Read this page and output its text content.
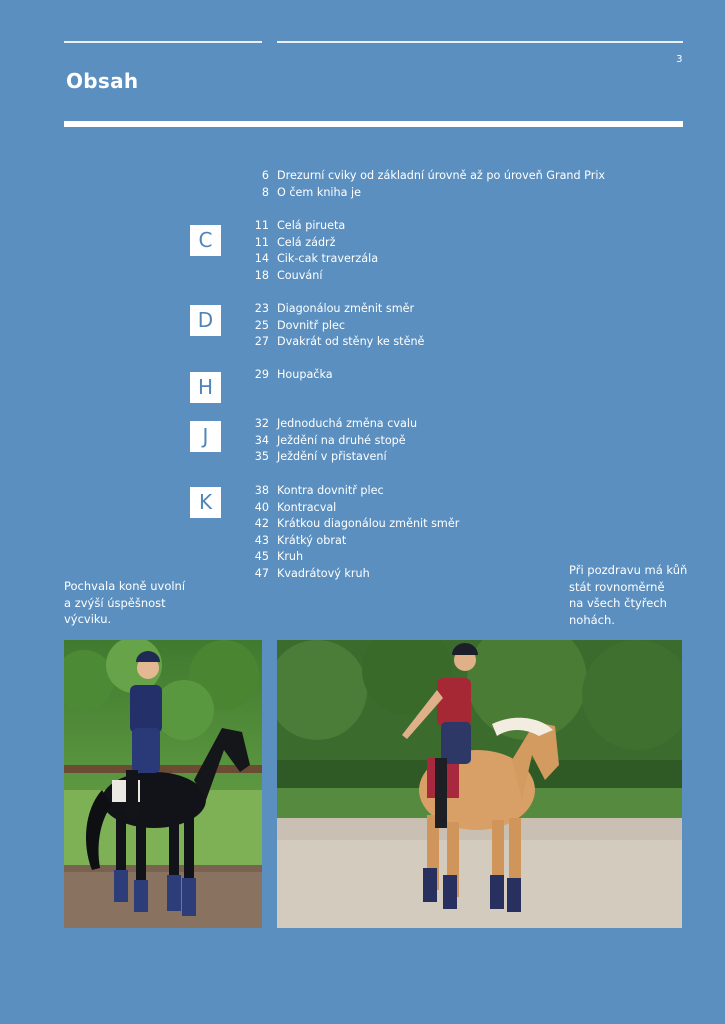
3
Obsah
6 Drezurní cviky od základní úrovně až po úroveň Grand Prix
8 O čem kniha je
C
11 Celá pirueta
11 Celá zádrž
14 Cik-cak traverzála
18 Couvání
D	23 Diagonálou změnit směr
25 Dovnitř plec
27 Dvakrát od stěny ke stěně
H
29 Houpačka
J
32 Jednoduchá změna cvalu
34 Ježdění na druhé stopě
35 Ježdění v přistavení
K	38 Kontra dovnitř plec
40 Kontracval
42 Krátkou diagonálou změnit směr
43 Krátký obrat
45 Kruh
47 Kvadrátový kruh
Pochvala koně uvolní
a zvýší úspěšnost
výcviku.
Při pozdravu má kůň
stát rovnoměrně
na všech čtyřech
nohách.
